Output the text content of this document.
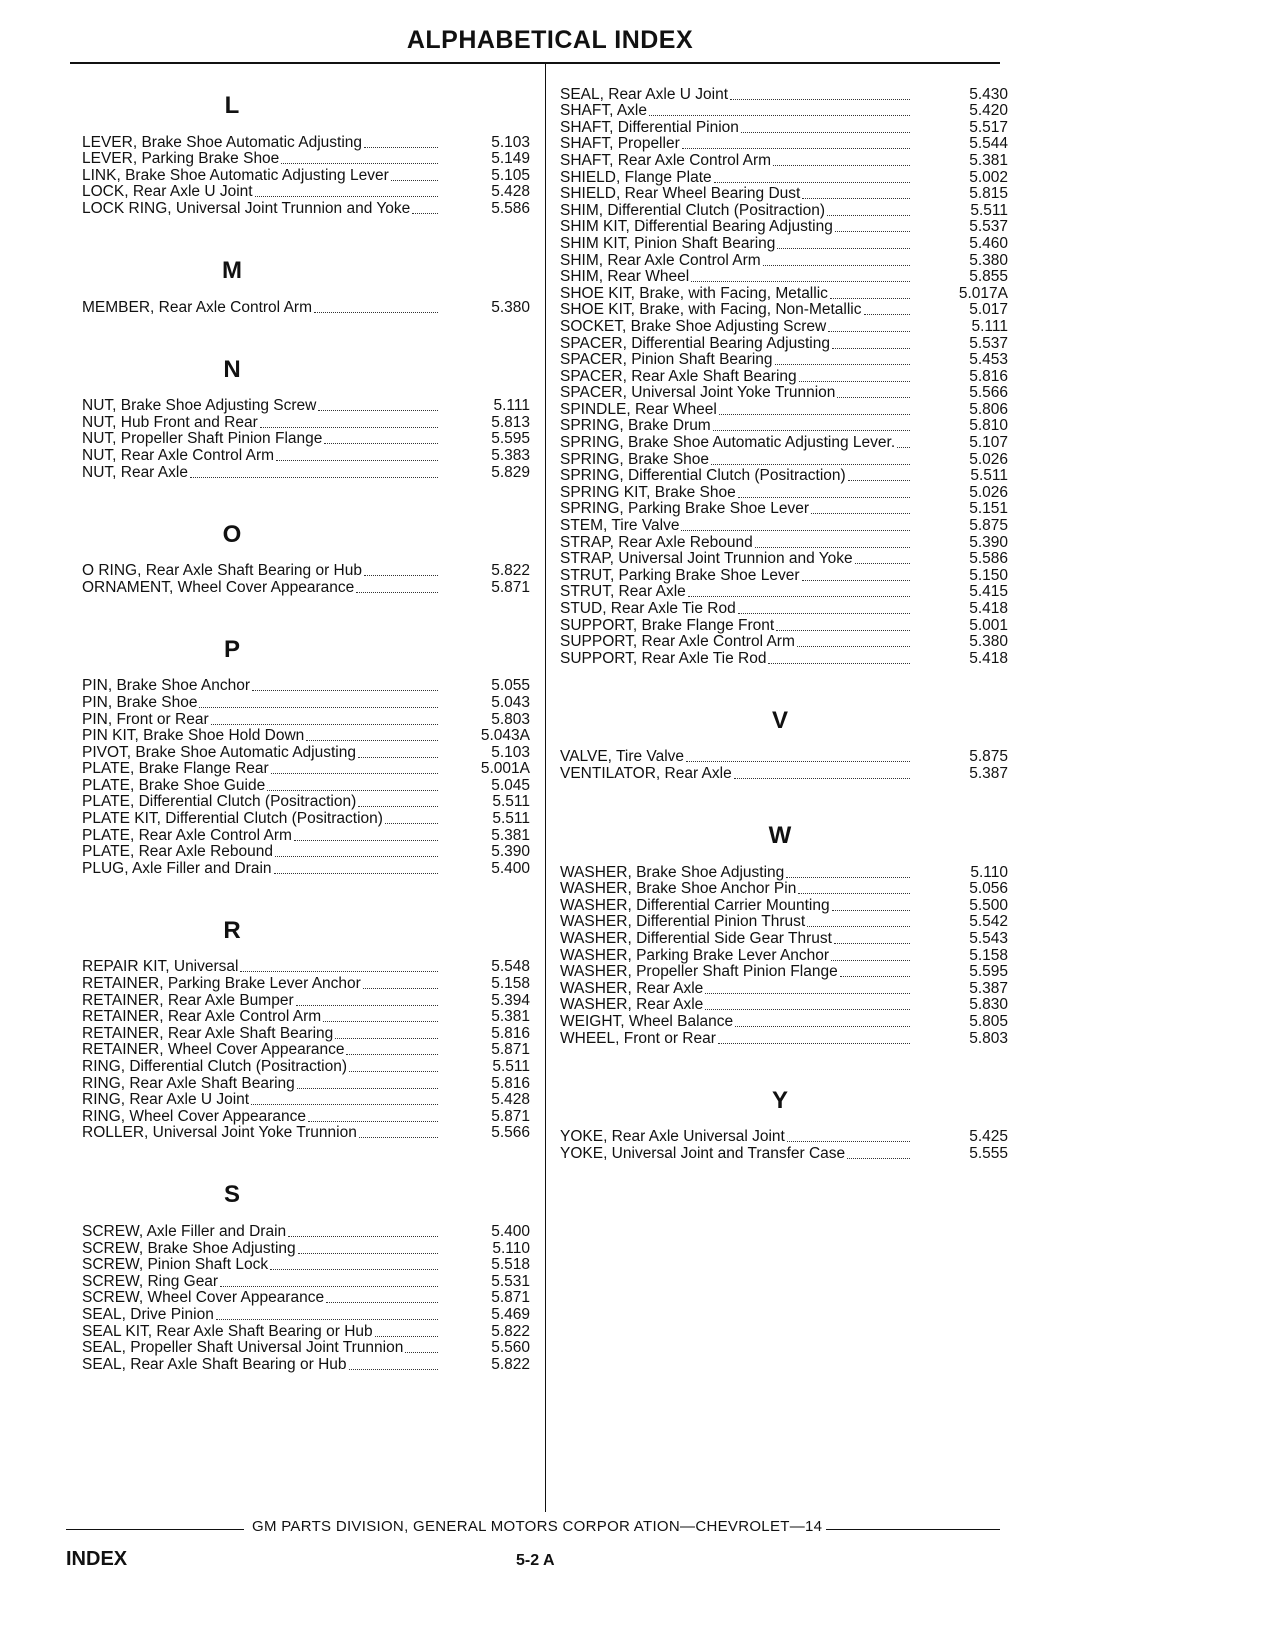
ALPHABETICAL INDEX
L
LEVER, Brake Shoe Automatic Adjusting	5.103
LEVER, Parking Brake Shoe	5.149
LINK, Brake Shoe Automatic Adjusting Lever	5.105
LOCK, Rear Axle U Joint	5.428
LOCK RING, Universal Joint Trunnion and Yoke	5.586
M
MEMBER, Rear Axle Control Arm	5.380
N
NUT, Brake Shoe Adjusting Screw	5.111
NUT, Hub Front and Rear	5.813
NUT, Propeller Shaft Pinion Flange	5.595
NUT, Rear Axle Control Arm	5.383
NUT, Rear Axle	5.829
O
O RING, Rear Axle Shaft Bearing or Hub	5.822
ORNAMENT, Wheel Cover Appearance	5.871
P
PIN, Brake Shoe Anchor	5.055
PIN, Brake Shoe	5.043
PIN, Front or Rear	5.803
PIN KIT, Brake Shoe Hold Down	5.043A
PIVOT, Brake Shoe Automatic Adjusting	5.103
PLATE, Brake Flange Rear	5.001A
PLATE, Brake Shoe Guide	5.045
PLATE, Differential Clutch (Positraction)	5.511
PLATE KIT, Differential Clutch (Positraction)	5.511
PLATE, Rear Axle Control Arm	5.381
PLATE, Rear Axle Rebound	5.390
PLUG, Axle Filler and Drain	5.400
R
REPAIR KIT, Universal	5.548
RETAINER, Parking Brake Lever Anchor	5.158
RETAINER, Rear Axle Bumper	5.394
RETAINER, Rear Axle Control Arm	5.381
RETAINER, Rear Axle Shaft Bearing	5.816
RETAINER, Wheel Cover Appearance	5.871
RING, Differential Clutch (Positraction)	5.511
RING, Rear Axle Shaft Bearing	5.816
RING, Rear Axle U Joint	5.428
RING, Wheel Cover Appearance	5.871
ROLLER, Universal Joint Yoke Trunnion	5.566
S
SCREW, Axle Filler and Drain	5.400
SCREW, Brake Shoe Adjusting	5.110
SCREW, Pinion Shaft Lock	5.518
SCREW, Ring Gear	5.531
SCREW, Wheel Cover Appearance	5.871
SEAL, Drive Pinion	5.469
SEAL KIT, Rear Axle Shaft Bearing or Hub	5.822
SEAL, Propeller Shaft Universal Joint Trunnion	5.560
SEAL, Rear Axle Shaft Bearing or Hub	5.822
SEAL, Rear Axle U Joint	5.430
SHAFT, Axle	5.420
SHAFT, Differential Pinion	5.517
SHAFT, Propeller	5.544
SHAFT, Rear Axle Control Arm	5.381
SHIELD, Flange Plate	5.002
SHIELD, Rear Wheel Bearing Dust	5.815
SHIM, Differential Clutch (Positraction)	5.511
SHIM KIT, Differential Bearing Adjusting	5.537
SHIM KIT, Pinion Shaft Bearing	5.460
SHIM, Rear Axle Control Arm	5.380
SHIM, Rear Wheel	5.855
SHOE KIT, Brake, with Facing, Metallic	5.017A
SHOE KIT, Brake, with Facing, Non-Metallic	5.017
SOCKET, Brake Shoe Adjusting Screw	5.111
SPACER, Differential Bearing Adjusting	5.537
SPACER, Pinion Shaft Bearing	5.453
SPACER, Rear Axle Shaft Bearing	5.816
SPACER, Universal Joint Yoke Trunnion	5.566
SPINDLE, Rear Wheel	5.806
SPRING, Brake Drum	5.810
SPRING, Brake Shoe Automatic Adjusting Lever.	5.107
SPRING, Brake Shoe	5.026
SPRING, Differential Clutch (Positraction)	5.511
SPRING KIT, Brake Shoe	5.026
SPRING, Parking Brake Shoe Lever	5.151
STEM, Tire Valve	5.875
STRAP, Rear Axle Rebound	5.390
STRAP, Universal Joint Trunnion and Yoke	5.586
STRUT, Parking Brake Shoe Lever	5.150
STRUT, Rear Axle	5.415
STUD, Rear Axle Tie Rod	5.418
SUPPORT, Brake Flange Front	5.001
SUPPORT, Rear Axle Control Arm	5.380
SUPPORT, Rear Axle Tie Rod	5.418
V
VALVE, Tire Valve	5.875
VENTILATOR, Rear Axle	5.387
W
WASHER, Brake Shoe Adjusting	5.110
WASHER, Brake Shoe Anchor Pin	5.056
WASHER, Differential Carrier Mounting	5.500
WASHER, Differential Pinion Thrust	5.542
WASHER, Differential Side Gear Thrust	5.543
WASHER, Parking Brake Lever Anchor	5.158
WASHER, Propeller Shaft Pinion Flange	5.595
WASHER, Rear Axle	5.387
WASHER, Rear Axle	5.830
WEIGHT, Wheel Balance	5.805
WHEEL, Front or Rear	5.803
Y
YOKE, Rear Axle Universal Joint	5.425
YOKE, Universal Joint and Transfer Case	5.555
GM PARTS DIVISION, GENERAL MOTORS CORPOR ATION—CHEVROLET—14
INDEX	5-2 A
